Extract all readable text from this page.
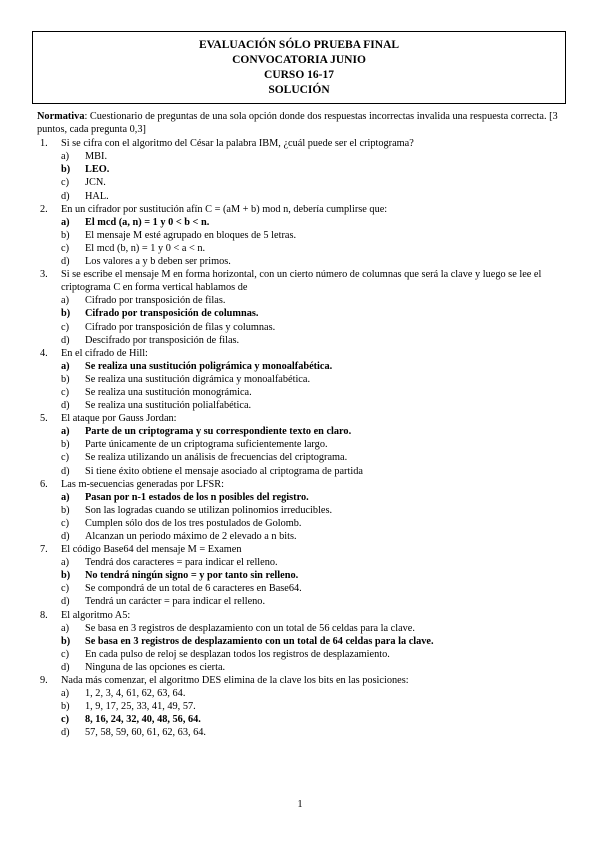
EVALUACIÓN SÓLO PRUEBA FINAL
CONVOCATORIA JUNIO
CURSO 16-17
SOLUCIÓN

Normativa: Cuestionario de preguntas de una sola opción donde dos respuestas incorrectas invalida una respuesta correcta. [3 puntos, cada pregunta 0,3]

1. Si se cifra con el algoritmo del César la palabra IBM, ¿cuál puede ser el criptograma?
a) MBI.
b) LEO.
c) JCN.
d) HAL.
2. En un cifrador por sustitución afín C = (aM + b) mod n, debería cumplirse que:
a) El mcd (a, n) = 1 y 0 < b < n.
b) El mensaje M esté agrupado en bloques de 5 letras.
c) El mcd (b, n) = 1 y 0 < a < n.
d) Los valores a y b deben ser primos.
3. Si se escribe el mensaje M en forma horizontal, con un cierto número de columnas que será la clave y luego se lee el criptograma C en forma vertical hablamos de
a) Cifrado por transposición de filas.
b) Cifrado por transposición de columnas.
c) Cifrado por transposición de filas y columnas.
d) Descifrado por transposición de filas.
4. En el cifrado de Hill:
a) Se realiza una sustitución poligrámica y monoalfabética.
b) Se realiza una sustitución digrámica y monoalfabética.
c) Se realiza una sustitución monográmica.
d) Se realiza una sustitución polialfabética.
5. El ataque por Gauss Jordan:
a) Parte de un criptograma y su correspondiente texto en claro.
b) Parte únicamente de un criptograma suficientemente largo.
c) Se realiza utilizando un análisis de frecuencias del criptograma.
d) Si tiene éxito obtiene el mensaje asociado al criptograma de partida
6. Las m-secuencias generadas por LFSR:
a) Pasan por n-1 estados de los n posibles del registro.
b) Son las logradas cuando se utilizan polinomios irreducibles.
c) Cumplen sólo dos de los tres postulados de Golomb.
d) Alcanzan un periodo máximo de 2 elevado a n bits.
7. El código Base64 del mensaje M = Examen
a) Tendrá dos caracteres = para indicar el relleno.
b) No tendrá ningún signo = y por tanto sin relleno.
c) Se compondrá de un total de 6 caracteres en Base64.
d) Tendrá un carácter = para indicar el relleno.
8. El algoritmo A5:
a) Se basa en 3 registros de desplazamiento con un total de 56 celdas para la clave.
b) Se basa en 3 registros de desplazamiento con un total de 64 celdas para la clave.
c) En cada pulso de reloj se desplazan todos los registros de desplazamiento.
d) Ninguna de las opciones es cierta.
9. Nada más comenzar, el algoritmo DES elimina de la clave los bits en las posiciones:
a) 1, 2, 3, 4, 61, 62, 63, 64.
b) 1, 9, 17, 25, 33, 41, 49, 57.
c) 8, 16, 24, 32, 40, 48, 56, 64.
d) 57, 58, 59, 60, 61, 62, 63, 64.
1
